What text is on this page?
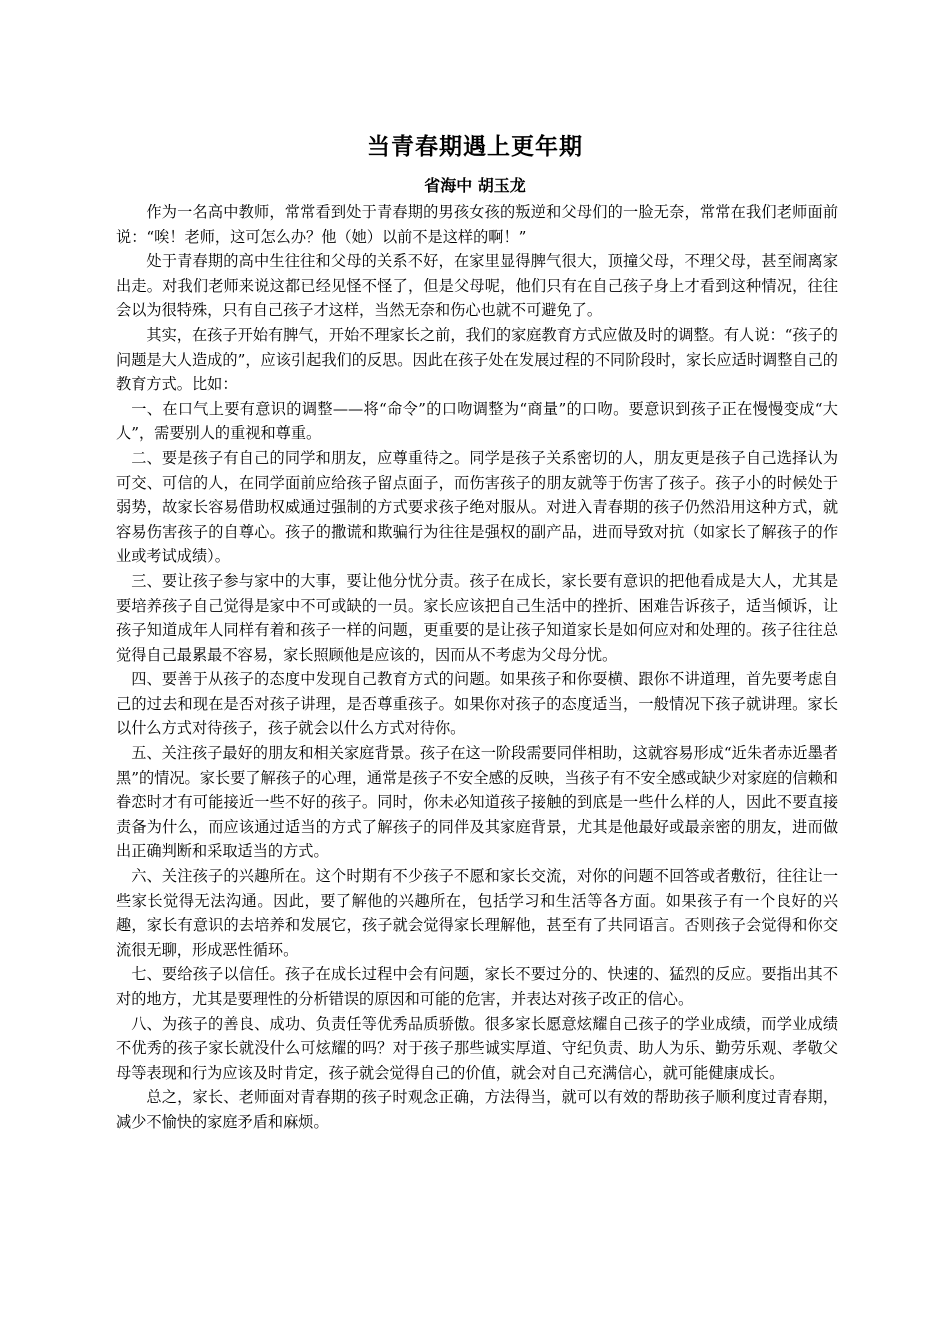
当青春期遇上更年期
省海中 胡玉龙

作为一名高中教师，常常看到处于青春期的男孩女孩的叛逆和父母们的一脸无奈，常常在我们老师面前说：“唉！老师，这可怎么办？他（她）以前不是这样的啊！”

处于青春期的高中生往往和父母的关系不好，在家里显得脾气很大，顶撞父母，不理父母，甚至闹离家出走。对我们老师来说这都已经见怪不怪了，但是父母呢，他们只有在自己孩子身上才看到这种情况，往往会以为很特殊，只有自己孩子才这样，当然无奈和伤心也就不可避免了。

其实，在孩子开始有脾气，开始不理家长之前，我们的家庭教育方式应做及时的调整。有人说：“孩子的问题是大人造成的”，应该引起我们的反思。因此在孩子处在发展过程的不同阶段时，家长应适时调整自己的教育方式。比如：

一、在口气上要有意识的调整——将“命令”的口吻调整为“商量”的口吻。要意识到孩子正在慢慢变成“大人”，需要别人的重视和尊重。

二、要是孩子有自己的同学和朋友，应尊重待之。同学是孩子关系密切的人，朋友更是孩子自己选择认为可交、可信的人，在同学面前应给孩子留点面子，而伤害孩子的朋友就等于伤害了孩子。孩子小的时候处于弱势，故家长容易借助权威通过强制的方式要求孩子绝对服从。对进入青春期的孩子仍然沿用这种方式，就容易伤害孩子的自尊心。孩子的撒谎和欺骗行为往往是强权的副产品，进而导致对抗（如家长了解孩子的作业或考试成绩）。

三、要让孩子参与家中的大事，要让他分忧分责。孩子在成长，家长要有意识的把他看成是大人，尤其是要培养孩子自己觉得是家中不可或缺的一员。家长应该把自己生活中的挫折、困难告诉孩子，适当倾诉，让孩子知道成年人同样有着和孩子一样的问题，更重要的是让孩子知道家长是如何应对和处理的。孩子往往总觉得自己最累最不容易，家长照顾他是应该的，因而从不考虑为父母分忧。

四、要善于从孩子的态度中发现自己教育方式的问题。如果孩子和你耍横、跟你不讲道理，首先要考虑自己的过去和现在是否对孩子讲理，是否尊重孩子。如果你对孩子的态度适当，一般情况下孩子就讲理。家长以什么方式对待孩子，孩子就会以什么方式对待你。

五、关注孩子最好的朋友和相关家庭背景。孩子在这一阶段需要同伴相助，这就容易形成“近朱者赤近墨者黑”的情况。家长要了解孩子的心理，通常是孩子不安全感的反映，当孩子有不安全感或缺少对家庭的信赖和眷恋时才有可能接近一些不好的孩子。同时，你未必知道孩子接触的到底是一些什么样的人，因此不要直接责备为什么，而应该通过适当的方式了解孩子的同伴及其家庭背景，尤其是他最好或最亲密的朋友，进而做出正确判断和采取适当的方式。

六、关注孩子的兴趣所在。这个时期有不少孩子不愿和家长交流，对你的问题不回答或者敷衍，往往让一些家长觉得无法沟通。因此，要了解他的兴趣所在，包括学习和生活等各方面。如果孩子有一个良好的兴趣，家长有意识的去培养和发展它，孩子就会觉得家长理解他，甚至有了共同语言。否则孩子会觉得和你交流很无聊，形成恶性循环。

七、要给孩子以信任。孩子在成长过程中会有问题，家长不要过分的、快速的、猛烈的反应。要指出其不对的地方，尤其是要理性的分析错误的原因和可能的危害，并表达对孩子改正的信心。

八、为孩子的善良、成功、负责任等优秀品质骄傲。很多家长愿意炫耀自己孩子的学业成绩，而学业成绩不优秀的孩子家长就没什么可炫耀的吗？对于孩子那些诚实厚道、守纪负责、助人为乐、勤劳乐观、孝敬父母等表现和行为应该及时肯定，孩子就会觉得自己的价值，就会对自己充满信心，就可能健康成长。

总之，家长、老师面对青春期的孩子时观念正确，方法得当，就可以有效的帮助孩子顺利度过青春期，减少不愉快的家庭矛盾和麻烦。
